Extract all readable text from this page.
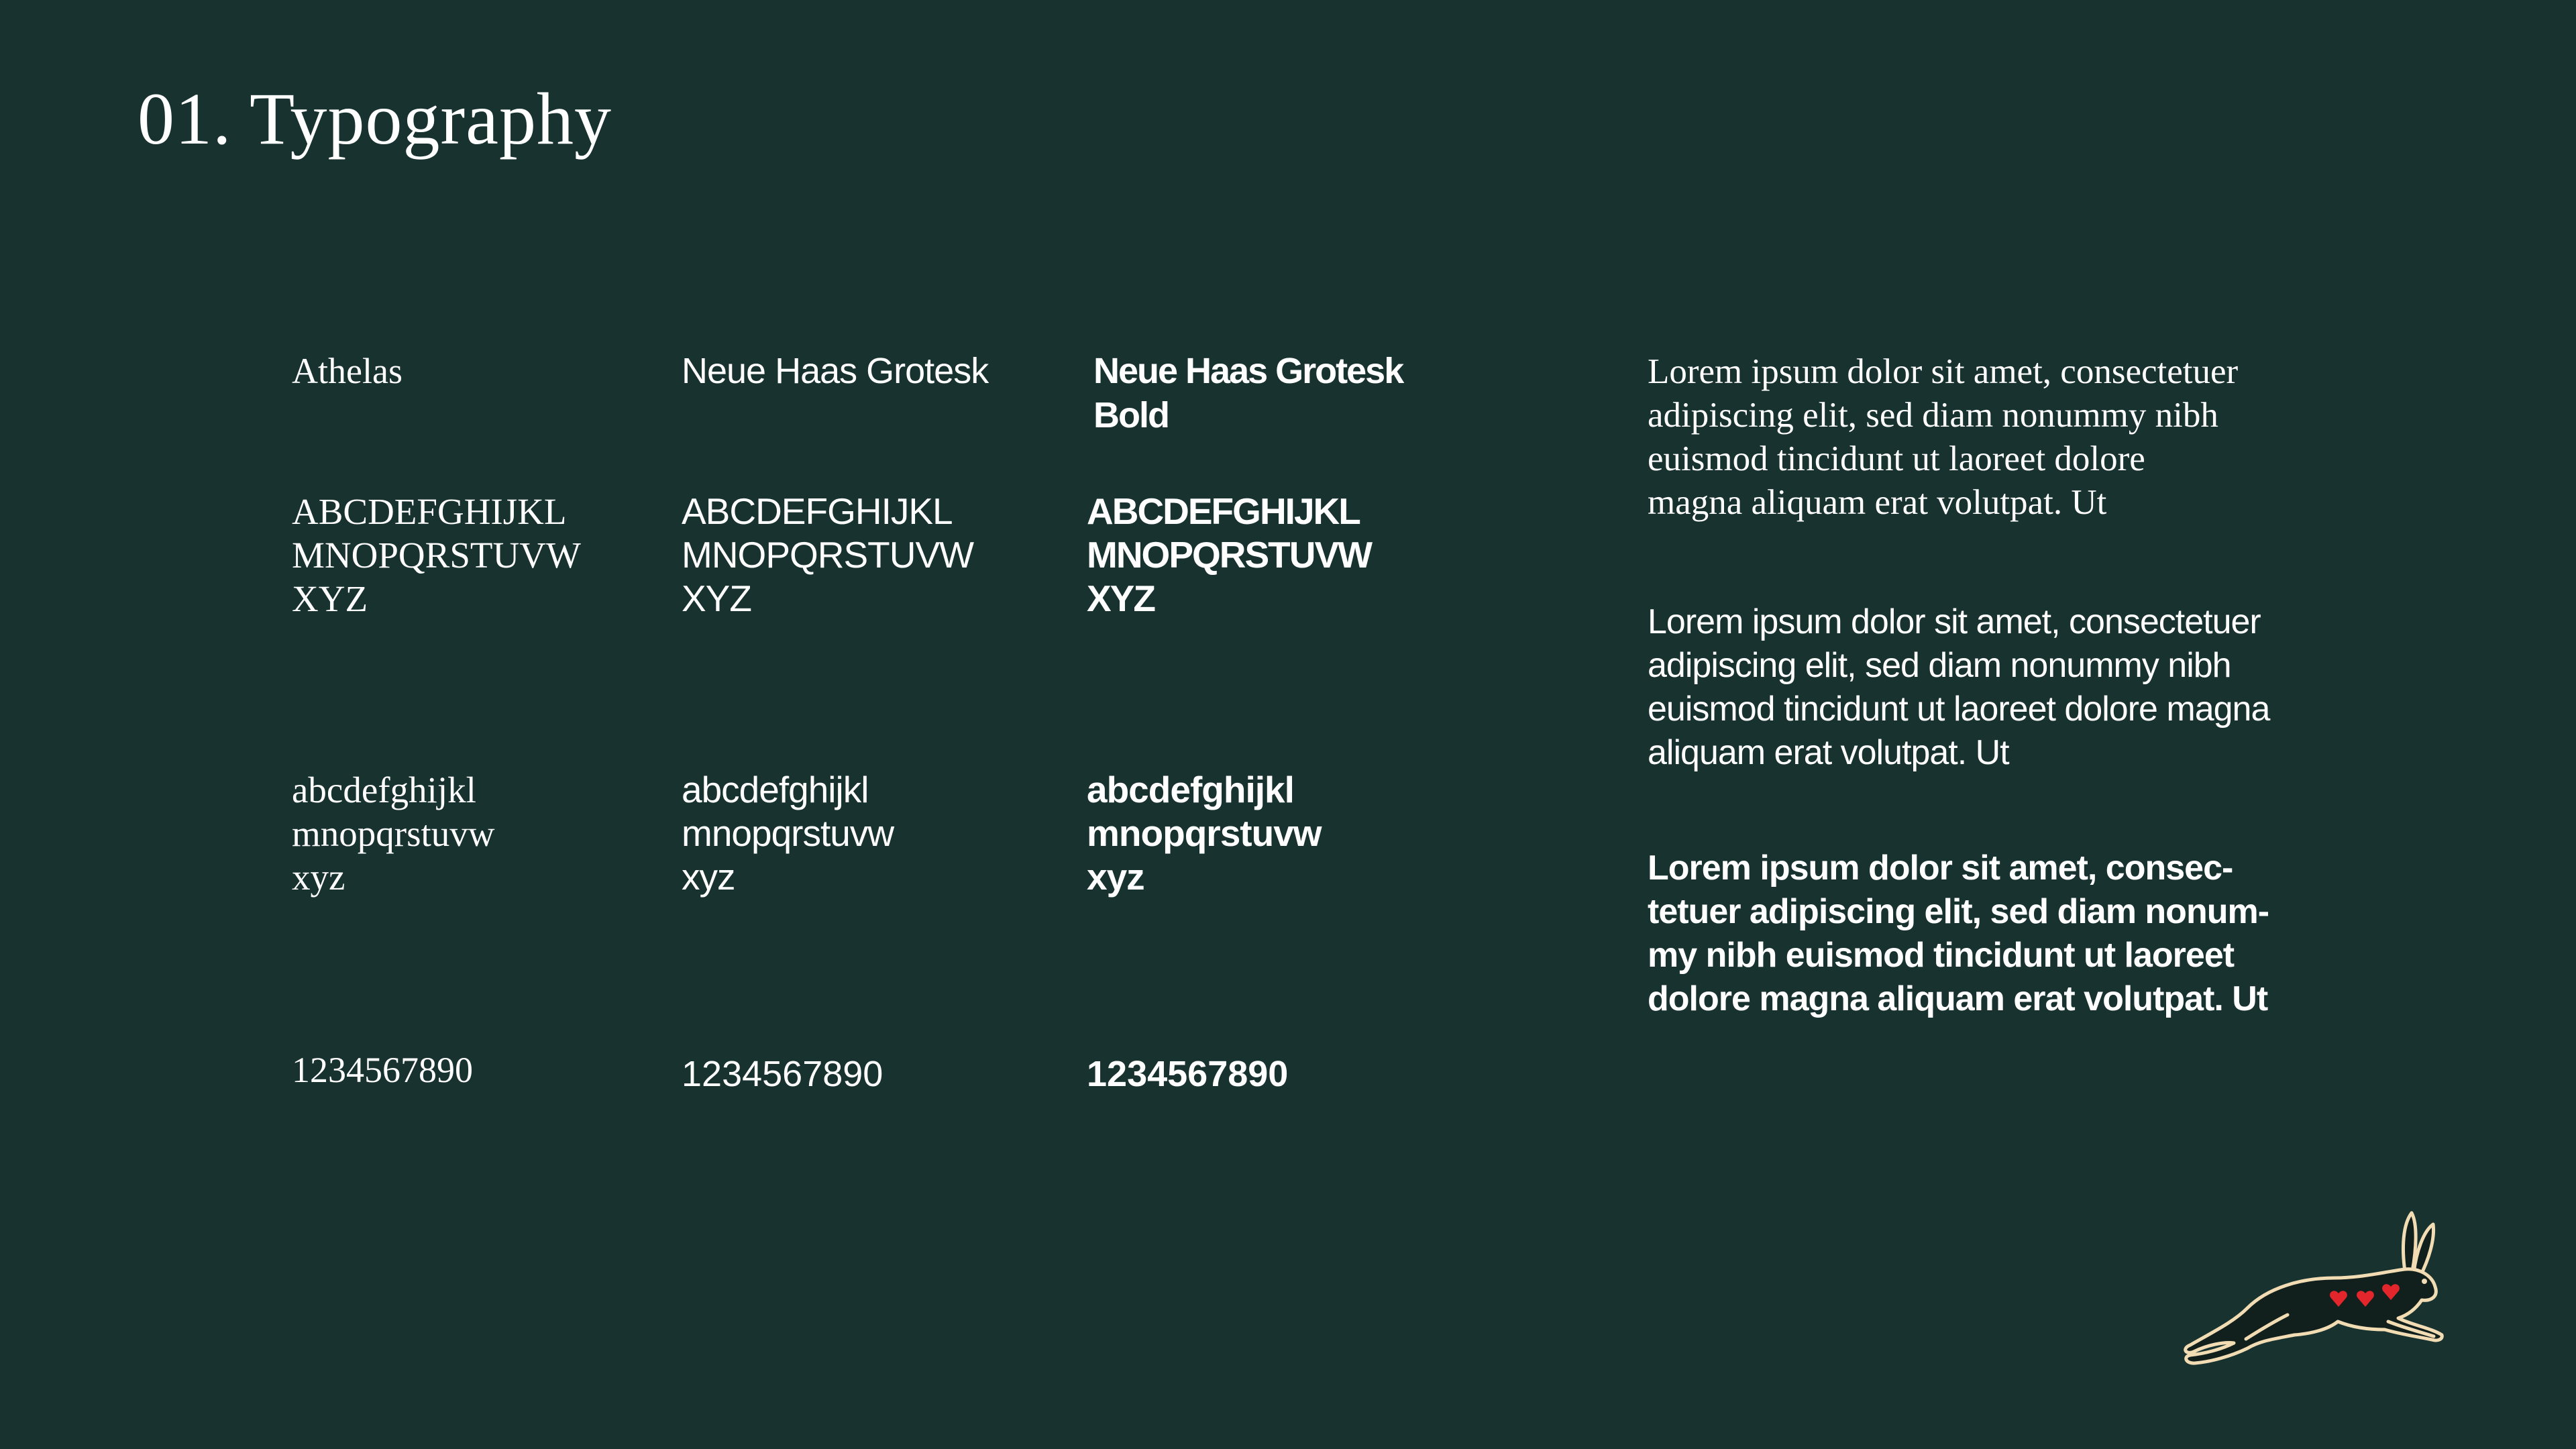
01. Typography
Athelas
ABCDEFGHIJKL
MNOPQRSTUVW
XYZ
abcdefghijkl
mnopqrstuvw
xyz
1234567890
Neue Haas Grotesk
ABCDEFGHIJKL
MNOPQRSTUVW
XYZ
abcdefghijkl
mnopqrstuvw
xyz
1234567890
Neue Haas Grotesk
Bold
ABCDEFGHIJKL
MNOPQRSTUVW
XYZ
abcdefghijkl
mnopqrstuvw
xyz
1234567890
Lorem ipsum dolor sit amet, consectetuer
adipiscing elit, sed diam nonummy nibh
euismod tincidunt ut laoreet dolore
magna aliquam erat volutpat. Ut
Lorem ipsum dolor sit amet, consectetuer
adipiscing elit, sed diam nonummy nibh
euismod tincidunt ut laoreet dolore magna
aliquam erat volutpat. Ut
Lorem ipsum dolor sit amet, consec-
tetuer adipiscing elit, sed diam nonum-
my nibh euismod tincidunt ut laoreet
dolore magna aliquam erat volutpat. Ut
